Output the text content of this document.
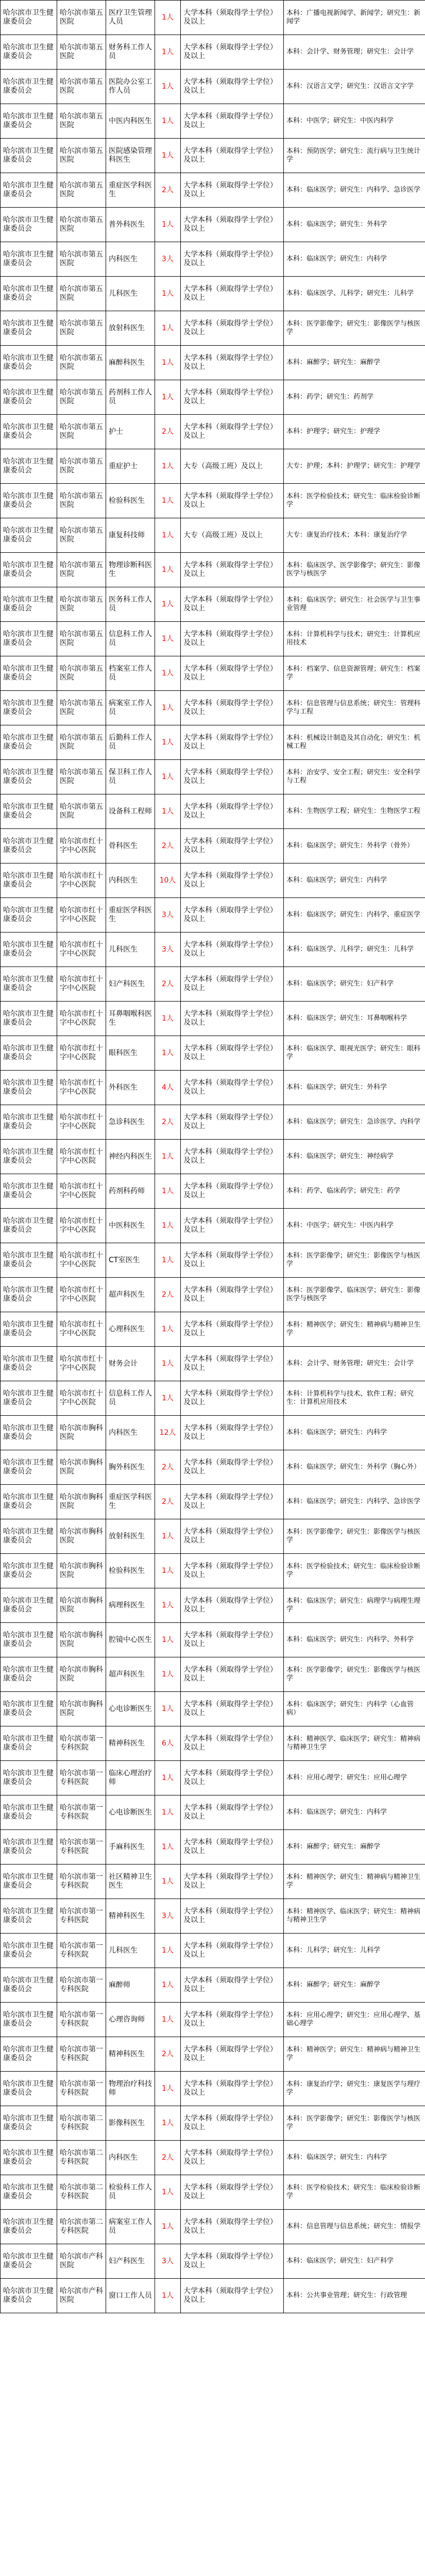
哈尔滨市卫生健康委员会	哈尔滨市第五医院	医疗卫生管理人员	1人	大学本科（须取得学士学位）及以上	本科：广播电视新闻学、新闻学；研究生：新闻学
哈尔滨市卫生健康委员会	哈尔滨市第五医院	财务科工作人员	1人	大学本科（须取得学士学位）及以上	本科：会计学、财务管理；研究生：会计学
哈尔滨市卫生健康委员会	哈尔滨市第五医院	医院办公室工作人员	1人	大学本科（须取得学士学位）及以上	本科：汉语言文学；研究生：汉语言文字学
哈尔滨市卫生健康委员会	哈尔滨市第五医院	中医内科医生	1人	大学本科（须取得学士学位）及以上	本科：中医学；研究生：中医内科学
哈尔滨市卫生健康委员会	哈尔滨市第五医院	医院感染管理科医生	1人	大学本科（须取得学士学位）及以上	本科：预防医学；研究生：流行病与卫生统计学
哈尔滨市卫生健康委员会	哈尔滨市第五医院	重症医学科医生	2人	大学本科（须取得学士学位）及以上	本科：临床医学；研究生：内科学、急诊医学
哈尔滨市卫生健康委员会	哈尔滨市第五医院	普外科医生	1人	大学本科（须取得学士学位）及以上	本科：临床医学；研究生：外科学
哈尔滨市卫生健康委员会	哈尔滨市第五医院	内科医生	3人	大学本科（须取得学士学位）及以上	本科：临床医学；研究生：内科学
哈尔滨市卫生健康委员会	哈尔滨市第五医院	儿科医生	1人	大学本科（须取得学士学位）及以上	本科：临床医学、儿科学；研究生：儿科学
哈尔滨市卫生健康委员会	哈尔滨市第五医院	放射科医生	1人	大学本科（须取得学士学位）及以上	本科：医学影像学；研究生：影像医学与核医学
哈尔滨市卫生健康委员会	哈尔滨市第五医院	麻醉科医生	1人	大学本科（须取得学士学位）及以上	本科：麻醉学；研究生：麻醉学
哈尔滨市卫生健康委员会	哈尔滨市第五医院	药剂科工作人员	1人	大学本科（须取得学士学位）及以上	本科：药学；研究生：药剂学
哈尔滨市卫生健康委员会	哈尔滨市第五医院	护士	2人	大学本科（须取得学士学位）及以上	本科：护理学；研究生：护理学
哈尔滨市卫生健康委员会	哈尔滨市第五医院	重症护士	1人	大专（高级工班）及以上	大专：护理；本科：护理学；研究生：护理学
哈尔滨市卫生健康委员会	哈尔滨市第五医院	检验科医生	1人	大学本科（须取得学士学位）及以上	本科：医学检验技术；研究生：临床检验诊断学
哈尔滨市卫生健康委员会	哈尔滨市第五医院	康复科技师	1人	大专（高级工班）及以上	大专：康复治疗技术；本科：康复治疗学
哈尔滨市卫生健康委员会	哈尔滨市第五医院	物理诊断科医生	1人	大学本科（须取得学士学位）及以上	本科：临床医学、医学影像学；研究生：影像医学与核医学
哈尔滨市卫生健康委员会	哈尔滨市第五医院	医务科工作人员	1人	大学本科（须取得学士学位）及以上	本科：临床医学；研究生：社会医学与卫生事业管理
哈尔滨市卫生健康委员会	哈尔滨市第五医院	信息科工作人员	1人	大学本科（须取得学士学位）及以上	本科：计算机科学与技术；研究生：计算机应用技术
哈尔滨市卫生健康委员会	哈尔滨市第五医院	档案室工作人员	1人	大学本科（须取得学士学位）及以上	本科：档案学、信息资源管理；研究生：档案学
哈尔滨市卫生健康委员会	哈尔滨市第五医院	病案室工作人员	1人	大学本科（须取得学士学位）及以上	本科：信息管理与信息系统；研究生：管理科学与工程
哈尔滨市卫生健康委员会	哈尔滨市第五医院	后勤科工作人员	1人	大学本科（须取得学士学位）及以上	本科：机械设计制造及其自动化；研究生：机械工程
哈尔滨市卫生健康委员会	哈尔滨市第五医院	保卫科工作人员	1人	大学本科（须取得学士学位）及以上	本科：治安学、安全工程；研究生：安全科学与工程
哈尔滨市卫生健康委员会	哈尔滨市第五医院	设备科工程师	1人	大学本科（须取得学士学位）及以上	本科：生物医学工程；研究生：生物医学工程
哈尔滨市卫生健康委员会	哈尔滨市红十字中心医院	骨科医生	2人	大学本科（须取得学士学位）及以上	本科：临床医学；研究生：外科学（骨外）
哈尔滨市卫生健康委员会	哈尔滨市红十字中心医院	内科医生	10人	大学本科（须取得学士学位）及以上	本科：临床医学；研究生：内科学
哈尔滨市卫生健康委员会	哈尔滨市红十字中心医院	重症医学科医生	3人	大学本科（须取得学士学位）及以上	本科：临床医学；研究生：内科学、重症医学
哈尔滨市卫生健康委员会	哈尔滨市红十字中心医院	儿科医生	3人	大学本科（须取得学士学位）及以上	本科：临床医学、儿科学；研究生：儿科学
哈尔滨市卫生健康委员会	哈尔滨市红十字中心医院	妇产科医生	2人	大学本科（须取得学士学位）及以上	本科：临床医学；研究生：妇产科学
哈尔滨市卫生健康委员会	哈尔滨市红十字中心医院	耳鼻咽喉科医生	1人	大学本科（须取得学士学位）及以上	本科：临床医学；研究生：耳鼻咽喉科学
哈尔滨市卫生健康委员会	哈尔滨市红十字中心医院	眼科医生	1人	大学本科（须取得学士学位）及以上	本科：临床医学、眼视光医学；研究生：眼科学
哈尔滨市卫生健康委员会	哈尔滨市红十字中心医院	外科医生	4人	大学本科（须取得学士学位）及以上	本科：临床医学；研究生：外科学
哈尔滨市卫生健康委员会	哈尔滨市红十字中心医院	急诊科医生	2人	大学本科（须取得学士学位）及以上	本科：临床医学；研究生：急诊医学、内科学
哈尔滨市卫生健康委员会	哈尔滨市红十字中心医院	神经内科医生	1人	大学本科（须取得学士学位）及以上	本科：临床医学；研究生：神经病学
哈尔滨市卫生健康委员会	哈尔滨市红十字中心医院	药剂科药师	1人	大学本科（须取得学士学位）及以上	本科：药学、临床药学；研究生：药学
哈尔滨市卫生健康委员会	哈尔滨市红十字中心医院	中医科医生	1人	大学本科（须取得学士学位）及以上	本科：中医学；研究生：中医内科学
哈尔滨市卫生健康委员会	哈尔滨市红十字中心医院	CT室医生	1人	大学本科（须取得学士学位）及以上	本科：医学影像学；研究生：影像医学与核医学
哈尔滨市卫生健康委员会	哈尔滨市红十字中心医院	超声科医生	2人	大学本科（须取得学士学位）及以上	本科：医学影像学、临床医学；研究生：影像医学与核医学
哈尔滨市卫生健康委员会	哈尔滨市红十字中心医院	心理科医生	1人	大学本科（须取得学士学位）及以上	本科：精神医学；研究生：精神病与精神卫生学
哈尔滨市卫生健康委员会	哈尔滨市红十字中心医院	财务会计	1人	大学本科（须取得学士学位）及以上	本科：会计学、财务管理；研究生：会计学
哈尔滨市卫生健康委员会	哈尔滨市红十字中心医院	信息科工作人员	1人	大学本科（须取得学士学位）及以上	本科：计算机科学与技术、软件工程；研究生：计算机应用技术
哈尔滨市卫生健康委员会	哈尔滨市胸科医院	内科医生	12人	大学本科（须取得学士学位）及以上	本科：临床医学；研究生：内科学
哈尔滨市卫生健康委员会	哈尔滨市胸科医院	胸外科医生	2人	大学本科（须取得学士学位）及以上	本科：临床医学；研究生：外科学（胸心外）
哈尔滨市卫生健康委员会	哈尔滨市胸科医院	重症医学科医生	2人	大学本科（须取得学士学位）及以上	本科：临床医学；研究生：内科学、急诊医学
哈尔滨市卫生健康委员会	哈尔滨市胸科医院	放射科医生	1人	大学本科（须取得学士学位）及以上	本科：医学影像学；研究生：影像医学与核医学
哈尔滨市卫生健康委员会	哈尔滨市胸科医院	检验科医生	1人	大学本科（须取得学士学位）及以上	本科：医学检验技术；研究生：临床检验诊断学
哈尔滨市卫生健康委员会	哈尔滨市胸科医院	病理科医生	1人	大学本科（须取得学士学位）及以上	本科：临床医学；研究生：病理学与病理生理学
哈尔滨市卫生健康委员会	哈尔滨市胸科医院	腔镜中心医生	1人	大学本科（须取得学士学位）及以上	本科：临床医学；研究生：内科学、外科学
哈尔滨市卫生健康委员会	哈尔滨市胸科医院	超声科医生	1人	大学本科（须取得学士学位）及以上	本科：医学影像学；研究生：影像医学与核医学
哈尔滨市卫生健康委员会	哈尔滨市胸科医院	心电诊断医生	1人	大学本科（须取得学士学位）及以上	本科：临床医学；研究生：内科学（心血管病）
哈尔滨市卫生健康委员会	哈尔滨市第一专科医院	精神科医生	6人	大学本科（须取得学士学位）及以上	本科：精神医学、临床医学；研究生：精神病与精神卫生学
哈尔滨市卫生健康委员会	哈尔滨市第一专科医院	临床心理治疗师	1人	大学本科（须取得学士学位）及以上	本科：应用心理学；研究生：应用心理学
哈尔滨市卫生健康委员会	哈尔滨市第一专科医院	心电诊断医生	1人	大学本科（须取得学士学位）及以上	本科：临床医学；研究生：内科学
哈尔滨市卫生健康委员会	哈尔滨市第一专科医院	手麻科医生	1人	大学本科（须取得学士学位）及以上	本科：麻醉学；研究生：麻醉学
哈尔滨市卫生健康委员会	哈尔滨市第一专科医院	社区精神卫生医生	1人	大学本科（须取得学士学位）及以上	本科：精神医学；研究生：精神病与精神卫生学
哈尔滨市卫生健康委员会	哈尔滨市第一专科医院	精神科医生	3人	大学本科（须取得学士学位）及以上	本科：精神医学、临床医学；研究生：精神病与精神卫生学
哈尔滨市卫生健康委员会	哈尔滨市第一专科医院	儿科医生	1人	大学本科（须取得学士学位）及以上	本科：儿科学；研究生：儿科学
哈尔滨市卫生健康委员会	哈尔滨市第一专科医院	麻醉师	1人	大学本科（须取得学士学位）及以上	本科：麻醉学；研究生：麻醉学
哈尔滨市卫生健康委员会	哈尔滨市第一专科医院	心理咨询师	1人	大学本科（须取得学士学位）及以上	本科：应用心理学；研究生：应用心理学、基础心理学
哈尔滨市卫生健康委员会	哈尔滨市第一专科医院	精神科医生	2人	大学本科（须取得学士学位）及以上	本科：精神医学；研究生：精神病与精神卫生学
哈尔滨市卫生健康委员会	哈尔滨市第一专科医院	物理治疗科技师	1人	大学本科（须取得学士学位）及以上	本科：康复治疗学；研究生：康复医学与理疗学
哈尔滨市卫生健康委员会	哈尔滨市第二专科医院	影像科医生	1人	大学本科（须取得学士学位）及以上	本科：医学影像学；研究生：影像医学与核医学
哈尔滨市卫生健康委员会	哈尔滨市第二专科医院	内科医生	2人	大学本科（须取得学士学位）及以上	本科：临床医学；研究生：内科学
哈尔滨市卫生健康委员会	哈尔滨市第二专科医院	检验科工作人员	1人	大学本科（须取得学士学位）及以上	本科：医学检验技术；研究生：临床检验诊断学
哈尔滨市卫生健康委员会	哈尔滨市第二专科医院	病案室工作人员	1人	大学本科（须取得学士学位）及以上	本科：信息管理与信息系统；研究生：情报学
哈尔滨市卫生健康委员会	哈尔滨市产科医院	妇产科医生	3人	大学本科（须取得学士学位）及以上	本科：临床医学；研究生：妇产科学
哈尔滨市卫生健康委员会	哈尔滨市产科医院	窗口工作人员	1人	大学本科（须取得学士学位）及以上	本科：公共事业管理；研究生：行政管理
